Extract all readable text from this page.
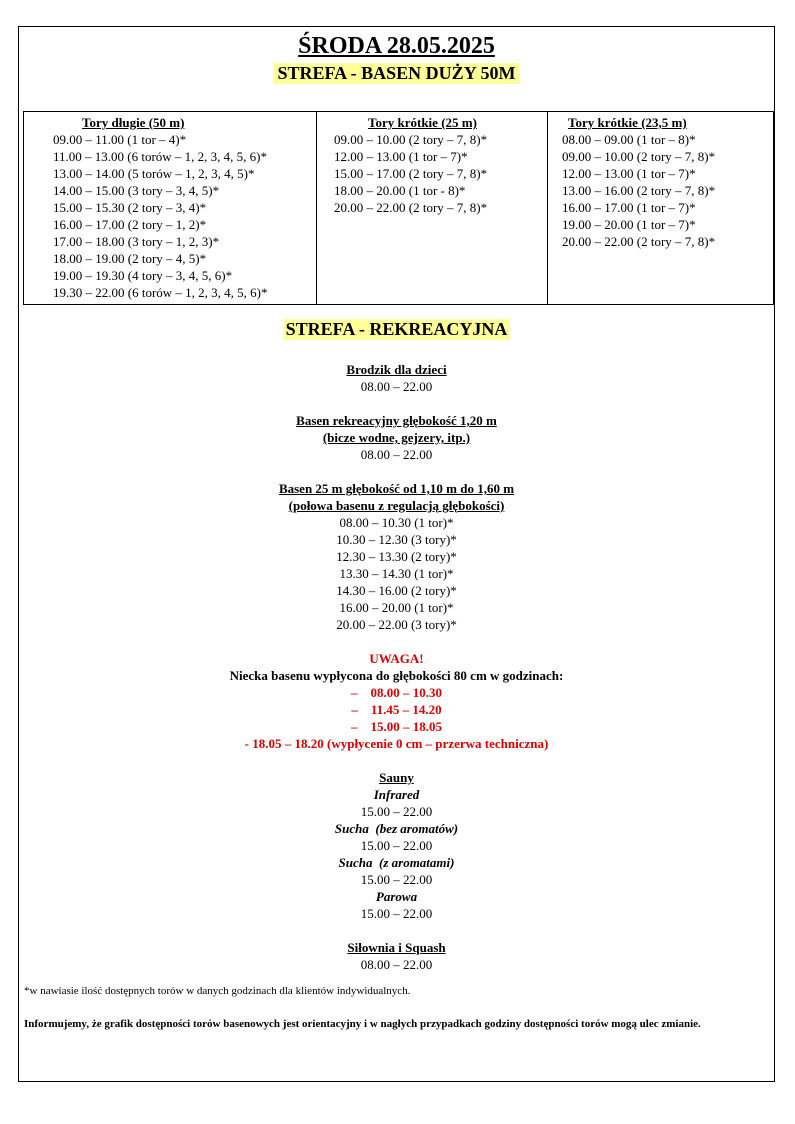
ŚRODA 28.05.2025
STREFA - BASEN DUŻY 50M
Tory długie (50 m)
09.00 – 11.00 (1 tor – 4)*
11.00 – 13.00 (6 torów – 1, 2, 3, 4, 5, 6)*
13.00 – 14.00 (5 torów – 1, 2, 3, 4, 5)*
14.00 – 15.00 (3 tory – 3, 4, 5)*
15.00 – 15.30 (2 tory – 3, 4)*
16.00 – 17.00 (2 tory – 1, 2)*
17.00 – 18.00 (3 tory – 1, 2, 3)*
18.00 – 19.00 (2 tory – 4, 5)*
19.00 – 19.30 (4 tory – 3, 4, 5, 6)*
19.30 – 22.00 (6 torów – 1, 2, 3, 4, 5, 6)*
Tory krótkie (25 m)
09.00 – 10.00 (2 tory – 7, 8)*
12.00 – 13.00 (1 tor – 7)*
15.00 – 17.00 (2 tory – 7, 8)*
18.00 – 20.00 (1 tor - 8)*
20.00 – 22.00 (2 tory – 7, 8)*
Tory krótkie (23,5 m)
08.00 – 09.00 (1 tor – 8)*
09.00 – 10.00 (2 tory – 7, 8)*
12.00 – 13.00 (1 tor – 7)*
13.00 – 16.00 (2 tory – 7, 8)*
16.00 – 17.00 (1 tor – 7)*
19.00 – 20.00 (1 tor – 7)*
20.00 – 22.00 (2 tory – 7, 8)*
STREFA - REKREACYJNA
Brodzik dla dzieci
08.00 – 22.00
Basen rekreacyjny głębokość 1,20 m
(bicze wodne, gejzery, itp.)
08.00 – 22.00
Basen 25 m głębokość od 1,10 m do 1,60 m
(połowa basenu z regulacją głębokości)
08.00 – 10.30 (1 tor)*
10.30 – 12.30 (3 tory)*
12.30 – 13.30 (2 tory)*
13.30 – 14.30 (1 tor)*
14.30 – 16.00 (2 tory)*
16.00 – 20.00 (1 tor)*
20.00 – 22.00 (3 tory)*
UWAGA!
Niecka basenu wypłycona do głębokości 80 cm w godzinach:
–    08.00 – 10.30
–    11.45 – 14.20
–    15.00 – 18.05
- 18.05 – 18.20 (wypłycenie 0 cm – przerwa techniczna)
Sauny
Infrared
15.00 – 22.00
Sucha  (bez aromatów)
15.00 – 22.00
Sucha  (z aromatami)
15.00 – 22.00
Parowa
15.00 – 22.00
Siłownia i Squash
08.00 – 22.00
*w nawiasie ilość dostępnych torów w danych godzinach dla klientów indywidualnych.
Informujemy, że grafik dostępności torów basenowych jest orientacyjny i w nagłych przypadkach godziny dostępności torów mogą ulec zmianie.
